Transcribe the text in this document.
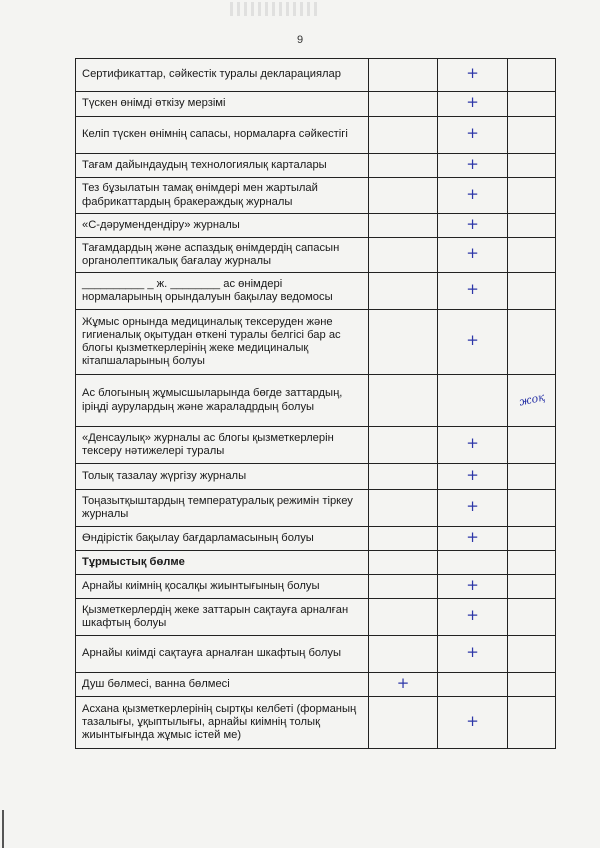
9
Сертификаттар, сәйкестік туралы декларациялар		+	
Түскен өнімді өткізу мерзімі		+	
Келіп түскен өнімнің сапасы, нормаларға сәйкестігі		+	
Тағам дайындаудың технологиялық карталары		+	
Тез бұзылатын тамақ өнімдері мен жартылай фабрикаттардың бракераждық журналы		+	
«С-дәрумендендіру» журналы		+	
Тағамдардың және аспаздық өнімдердің сапасын органолептикалық бағалау журналы		+	
__________ _ ж. ________ ас өнімдері нормаларының орындалуын бақылау ведомосы		+	
Жұмыс орнында медициналық тексеруден және гигиеналық оқытудан өткені туралы белгісі бар ас блогы қызметкерлерінің жеке медициналық кітапшаларының болуы		+	
Ас блогының жұмысшыларында бөгде заттардың, іріңді аурулардың және жараладрдың болуы			жоқ
«Денсаулық» журналы ас блогы қызметкерлерін тексеру нәтижелері туралы		+	
Толық тазалау жүргізу журналы		+	
Тоңазытқыштардың температуралық режимін тіркеу журналы		+	
Өндірістік бақылау бағдарламасының болуы		+	
Тұрмыстық бөлме			
Арнайы киімнің қосалқы жиынтығының болуы		+	
Қызметкерлердің жеке заттарын сақтауға арналған шкафтың болуы		+	
Арнайы киімді сақтауға арналған шкафтың болуы		+	
Душ бөлмесі, ванна бөлмесі	+		
Асхана қызметкерлерінің сыртқы келбеті (форманың тазалығы, ұқыптылығы, арнайы киімнің толық жиынтығында жұмыс істей ме)		+	
